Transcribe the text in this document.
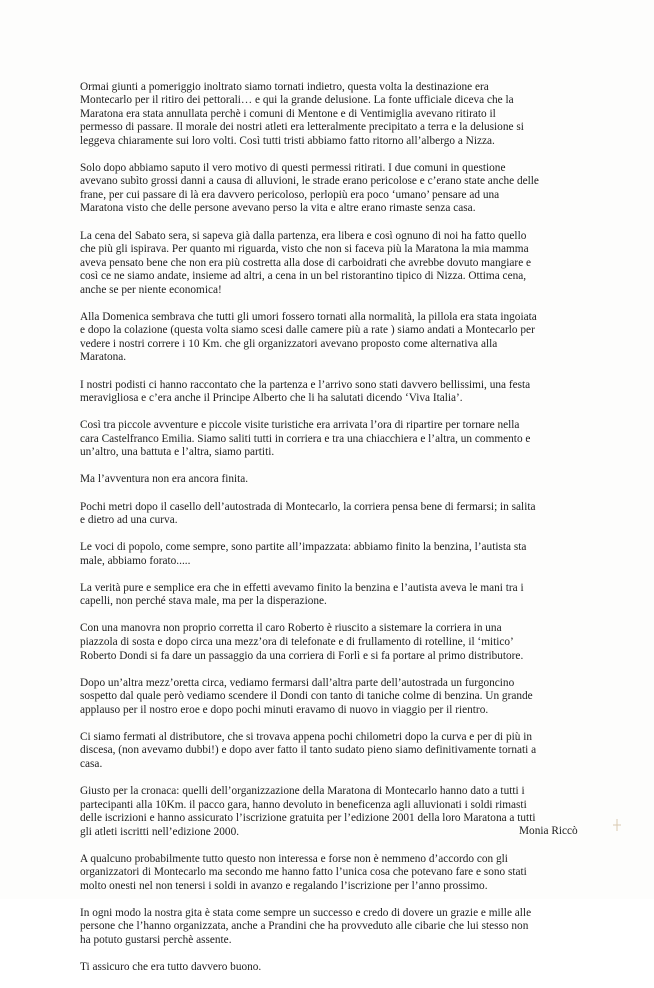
Ormai giunti a pomeriggio inoltrato siamo tornati indietro, questa volta la destinazione era
Montecarlo per il ritiro dei pettorali… e qui la grande delusione. La fonte ufficiale diceva che la
Maratona era stata annullata perchè i comuni di Mentone e di Ventimiglia avevano ritirato il
permesso di passare. Il morale dei nostri atleti era letteralmente precipitato a terra e la delusione si
leggeva chiaramente sui loro volti. Così tutti tristi abbiamo fatto ritorno all’albergo a Nizza.

Solo dopo abbiamo saputo il vero motivo di questi permessi ritirati. I due comuni in questione
avevano subìto grossi danni a causa di alluvioni, le strade erano pericolose e c’erano state anche delle
frane, per cui passare di là era davvero pericoloso, perlopiù era poco ‘umano’ pensare ad una
Maratona visto che delle persone avevano perso la vita e altre erano rimaste senza casa.

La cena del Sabato sera, si sapeva già dalla partenza, era libera e così ognuno di noi ha fatto quello
che più gli ispirava. Per quanto mi riguarda, visto che non si faceva più la Maratona la mia mamma
aveva pensato bene che non era più costretta alla dose di carboidrati che avrebbe dovuto mangiare e
così ce ne siamo andate, insieme ad altri, a cena in un bel ristorantino tipico di Nizza. Ottima cena,
anche se per niente economica!

Alla Domenica sembrava che tutti gli umori fossero tornati alla normalità, la pillola era stata ingoiata
e dopo la colazione (questa volta siamo scesi dalle camere più a rate ) siamo andati a Montecarlo per
vedere i nostri correre i 10 Km. che gli organizzatori avevano proposto come alternativa alla
Maratona.

I nostri podisti ci hanno raccontato che la partenza e l’arrivo sono stati davvero bellissimi, una festa
meravigliosa e c’era anche il Principe Alberto che li ha salutati dicendo ‘Viva Italia’.

Così tra piccole avventure e piccole visite turistiche era arrivata l’ora di ripartire per tornare nella
cara Castelfranco Emilia. Siamo saliti tutti in corriera e tra una chiacchiera e l’altra, un commento e
un’altro, una battuta e l’altra, siamo partiti.

Ma l’avventura non era ancora finita.

Pochi metri dopo il casello dell’autostrada di Montecarlo, la corriera pensa bene di fermarsi; in salita
e dietro ad una curva.

Le voci di popolo, come sempre, sono partite all’impazzata: abbiamo finito la benzina, l’autista sta
male, abbiamo forato.....

La verità pure e semplice era che in effetti avevamo finito la benzina e l’autista aveva le mani tra i
capelli, non perché stava male, ma per la disperazione.

Con una manovra non proprio corretta il caro Roberto è riuscito a sistemare la corriera in una
piazzola di sosta e dopo circa una mezz’ora di telefonate e di frullamento di rotelline, il ‘mitico’
Roberto Dondi si fa dare un passaggio da una corriera di Forlì e si fa portare al primo distributore.

Dopo un’altra mezz’oretta circa, vediamo fermarsi dall’altra parte dell’autostrada un furgoncino
sospetto dal quale però vediamo scendere il Dondi con tanto di taniche colme di benzina. Un grande
applauso per il nostro eroe e dopo pochi minuti eravamo di nuovo in viaggio per il rientro.

Ci siamo fermati al distributore, che si trovava appena pochi chilometri dopo la curva e per di più in
discesa, (non avevamo dubbi!) e dopo aver fatto il tanto sudato pieno siamo definitivamente tornati a
casa.

Giusto per la cronaca: quelli dell’organizzazione della Maratona di Montecarlo hanno dato a tutti i
partecipanti alla 10Km. il pacco gara, hanno devoluto in beneficenza agli alluvionati i soldi rimasti
delle iscrizioni e hanno assicurato l’iscrizione gratuita per l’edizione 2001 della loro Maratona a tutti
gli atleti iscritti nell’edizione 2000.

A qualcuno probabilmente tutto questo non interessa e forse non è nemmeno d’accordo con gli
organizzatori di Montecarlo ma secondo me hanno fatto l’unica cosa che potevano fare e sono stati
molto onesti nel non tenersi i soldi in avanzo e regalando l’iscrizione per l’anno prossimo.

In ogni modo la nostra gita è stata come sempre un successo e credo di dovere un grazie e mille alle
persone che l’hanno organizzata, anche a Prandini che ha provveduto alle cibarie che lui stesso non
ha potuto gustarsi perchè assente.

Ti assicuro che era tutto davvero buono.

Monia Riccò
